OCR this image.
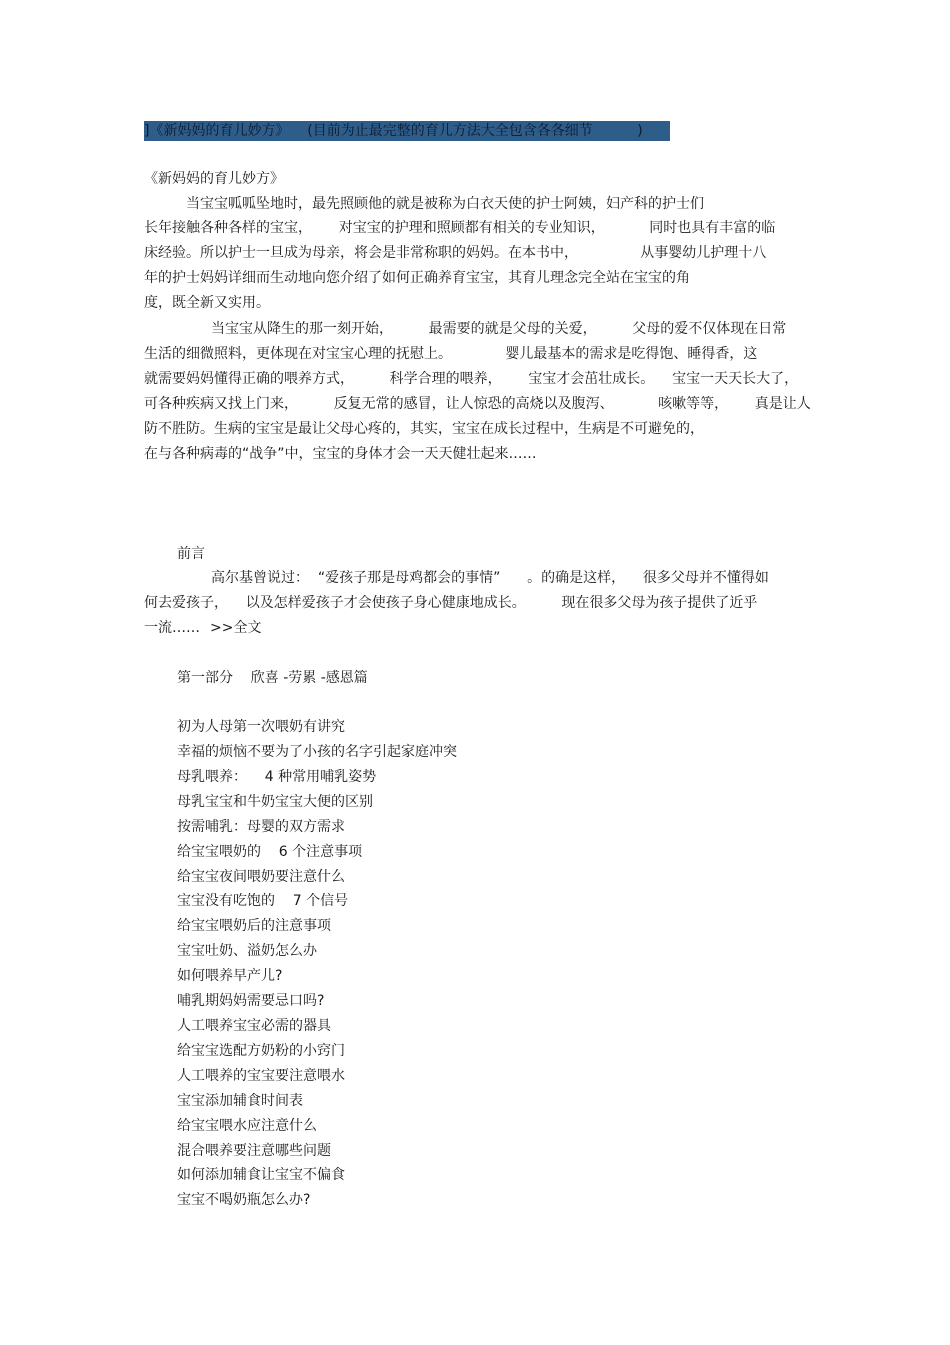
]《新妈妈的育儿妙方》    (目前为止最完整的育儿方法大全包含各各细节          )
《新妈妈的育儿妙方》
当宝宝呱呱坠地时，最先照顾他的就是被称为白衣天使的护士阿姨，妇产科的护士们
长年接触各种各样的宝宝，      对宝宝的护理和照顾都有相关的专业知识，          同时也具有丰富的临
床经验。所以护士一旦成为母亲，将会是非常称职的妈妈。在本书中，              从事婴幼儿护理十八
年的护士妈妈详细而生动地向您介绍了如何正确养育宝宝，其育儿理念完全站在宝宝的角
度，既全新又实用。
当宝宝从降生的那一刻开始，        最需要的就是父母的关爱，        父母的爱不仅体现在日常
生活的细微照料，更体现在对宝宝心理的抚慰上。            婴儿最基本的需求是吃得饱、睡得香，这
就需要妈妈懂得正确的喂养方式，        科学合理的喂养，      宝宝才会茁壮成长。    宝宝一天天长大了，
可各种疾病又找上门来，        反复无常的感冒，让人惊恐的高烧以及腹泻、          咳嗽等等，      真是让人
防不胜防。生病的宝宝是最让父母心疼的，其实，宝宝在成长过程中，生病是不可避免的，
在与各种病毒的“战争”中，宝宝的身体才会一天天健壮起来……
前言
高尔基曾说过：  “爱孩子那是母鸡都会的事情”      。的确是这样，    很多父母并不懂得如
何去爱孩子，    以及怎样爱孩子才会使孩子身心健康地成长。        现在很多父母为孩子提供了近乎
一流…… >>全文
第一部分    欣喜 -劳累 -感恩篇
初为人母第一次喂奶有讲究
幸福的烦恼不要为了小孩的名字引起家庭冲突
母乳喂养：    4 种常用哺乳姿势
母乳宝宝和牛奶宝宝大便的区别
按需哺乳：母婴的双方需求
给宝宝喂奶的    6 个注意事项
给宝宝夜间喂奶要注意什么
宝宝没有吃饱的    7 个信号
给宝宝喂奶后的注意事项
宝宝吐奶、溢奶怎么办
如何喂养早产儿?
哺乳期妈妈需要忌口吗?
人工喂养宝宝必需的器具
给宝宝选配方奶粉的小窍门
人工喂养的宝宝要注意喂水
宝宝添加辅食时间表
给宝宝喂水应注意什么
混合喂养要注意哪些问题
如何添加辅食让宝宝不偏食
宝宝不喝奶瓶怎么办?
